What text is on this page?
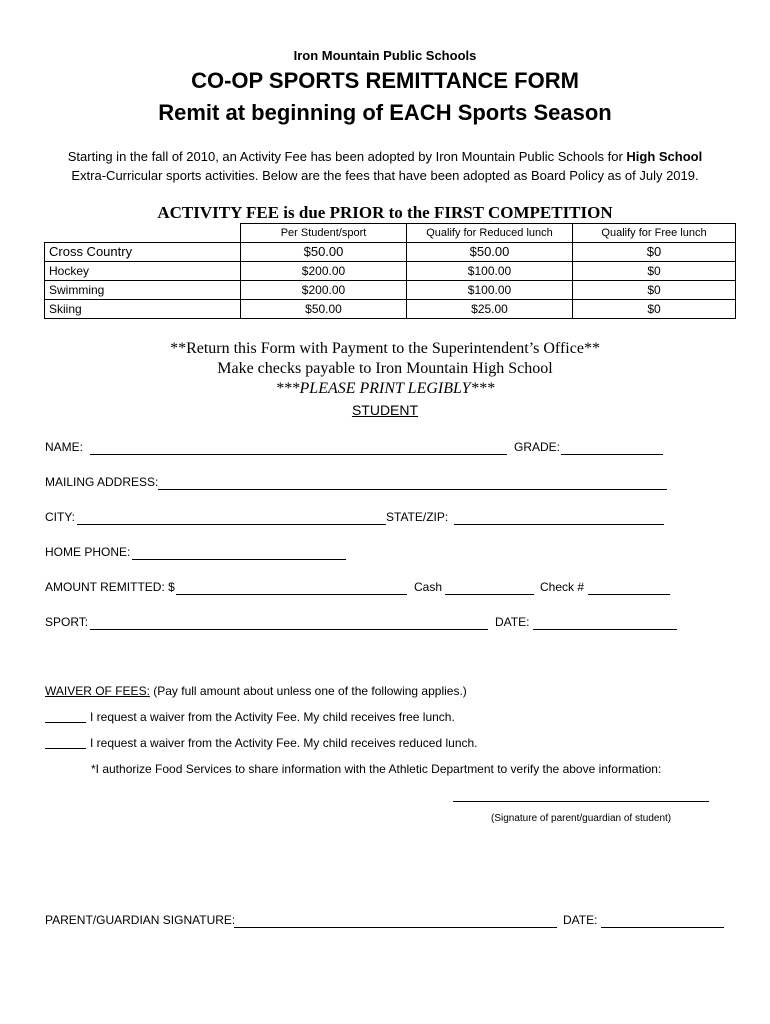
Iron Mountain Public Schools
CO-OP SPORTS REMITTANCE FORM
Remit at beginning of EACH Sports Season
Starting in the fall of 2010, an Activity Fee has been adopted by Iron Mountain Public Schools for High School
Extra-Curricular sports activities. Below are the fees that have been adopted as Board Policy as of July 2019.
ACTIVITY FEE is due PRIOR to the FIRST COMPETITION
	Per Student/sport	Qualify for Reduced lunch	Qualify for Free lunch
Cross Country	$50.00	$50.00	$0
Hockey	$200.00	$100.00	$0
Swimming	$200.00	$100.00	$0
Skiing	$50.00	$25.00	$0
**Return this Form with Payment to the Superintendent’s Office**
Make checks payable to Iron Mountain High School
***PLEASE PRINT LEGIBLY***
STUDENT
NAME:	GRADE:
MAILING ADDRESS:
CITY:	STATE/ZIP:
HOME PHONE:
AMOUNT REMITTED: $	Cash	Check #
SPORT:	DATE:
WAIVER OF FEES: (Pay full amount about unless one of the following applies.)
I request a waiver from the Activity Fee. My child receives free lunch.
I request a waiver from the Activity Fee. My child receives reduced lunch.
*I authorize Food Services to share information with the Athletic Department to verify the above information:
(Signature of parent/guardian of student)
PARENT/GUARDIAN SIGNATURE:	DATE:
